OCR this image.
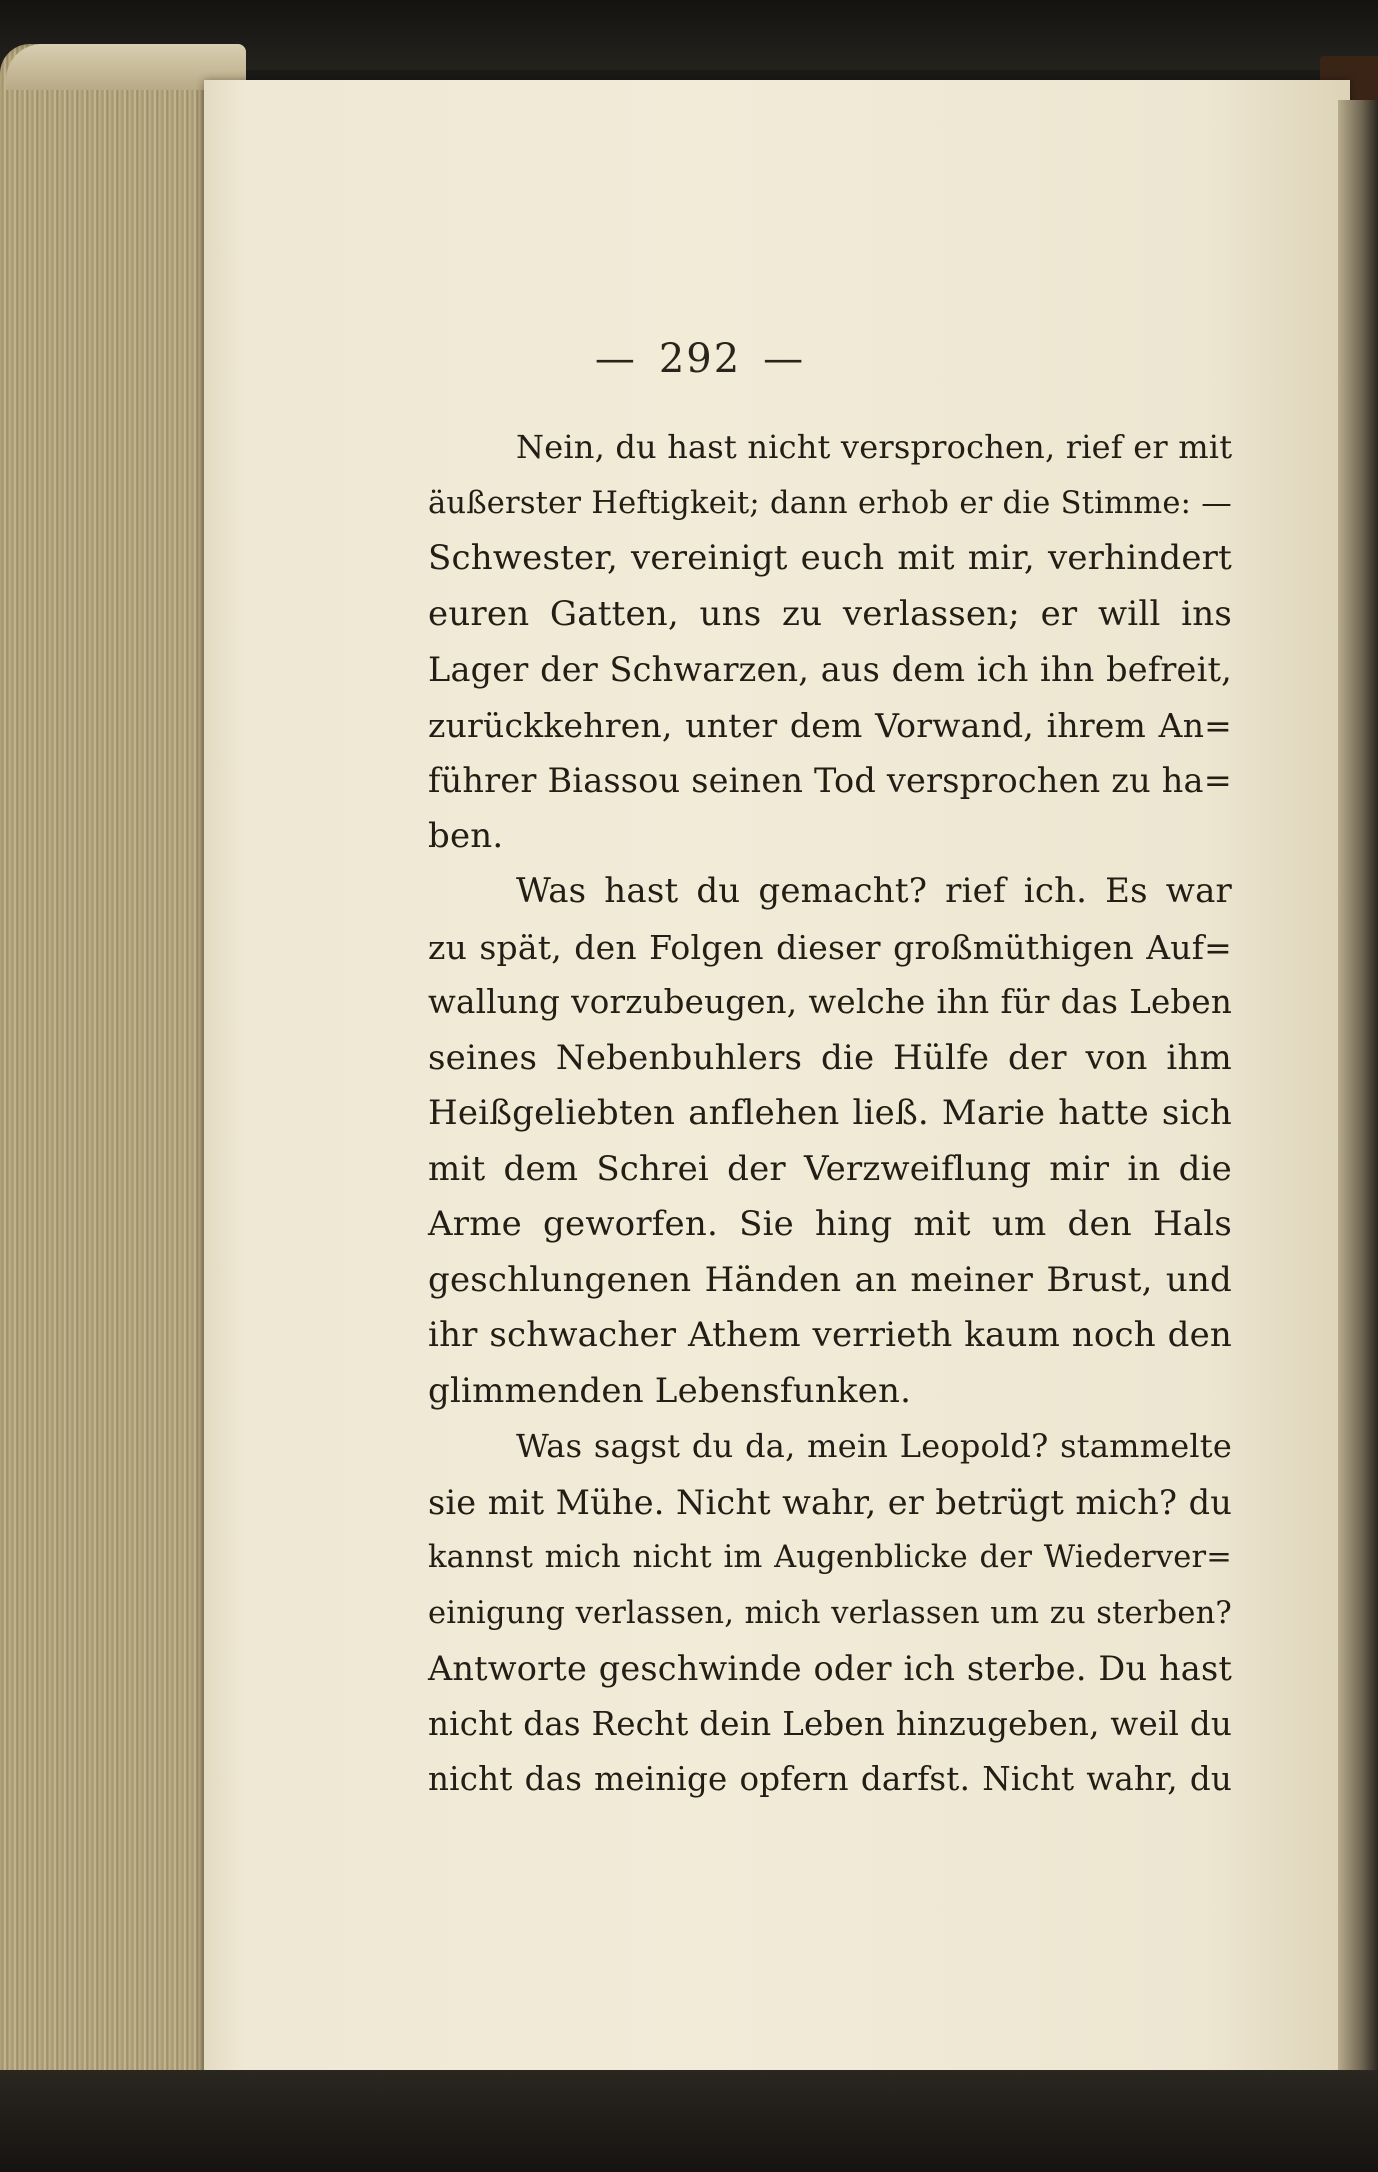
— 292 —
Nein, du hast nicht versprochen, rief er mit
äußerster Heftigkeit; dann erhob er die Stimme: —
Schwester, vereinigt euch mit mir, verhindert
euren Gatten, uns zu verlassen; er will ins
Lager der Schwarzen, aus dem ich ihn befreit,
zurückkehren, unter dem Vorwand, ihrem An=
führer Biassou seinen Tod versprochen zu ha=
ben.
Was hast du gemacht? rief ich. Es war
zu spät, den Folgen dieser großmüthigen Auf=
wallung vorzubeugen, welche ihn für das Leben
seines Nebenbuhlers die Hülfe der von ihm
Heißgeliebten anflehen ließ. Marie hatte sich
mit dem Schrei der Verzweiflung mir in die
Arme geworfen. Sie hing mit um den Hals
geschlungenen Händen an meiner Brust, und
ihr schwacher Athem verrieth kaum noch den
glimmenden Lebensfunken.
Was sagst du da, mein Leopold? stammelte
sie mit Mühe. Nicht wahr, er betrügt mich? du
kannst mich nicht im Augenblicke der Wiederver=
einigung verlassen, mich verlassen um zu sterben?
Antworte geschwinde oder ich sterbe. Du hast
nicht das Recht dein Leben hinzugeben, weil du
nicht das meinige opfern darfst. Nicht wahr, du
